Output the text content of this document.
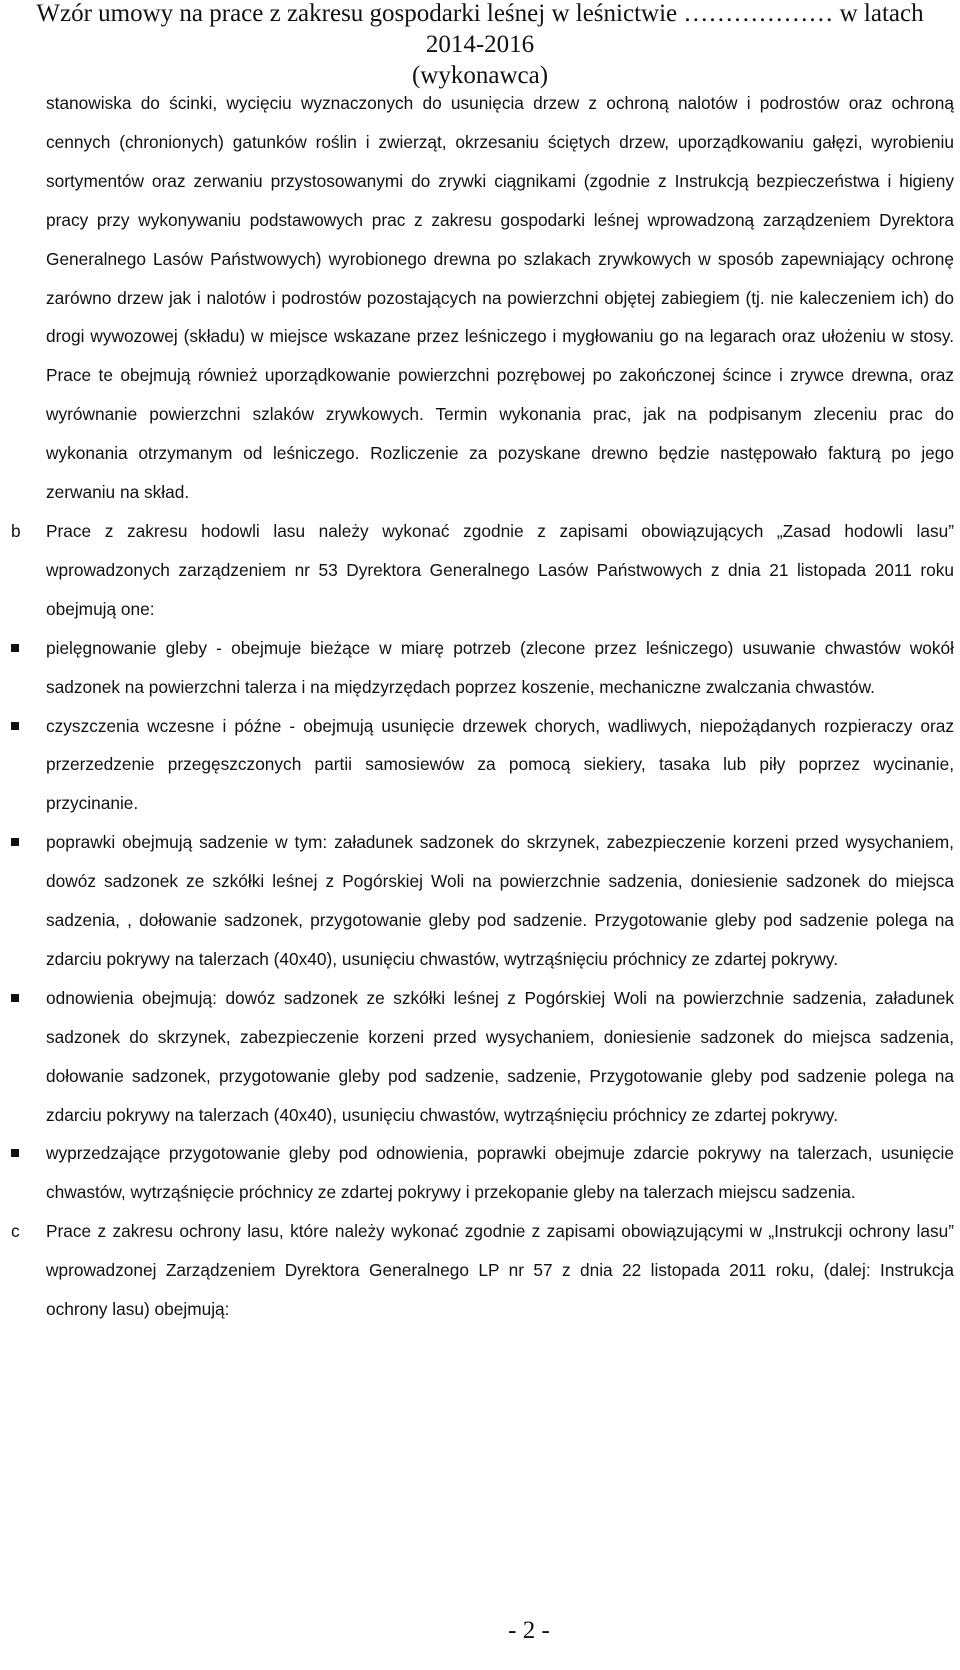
Wzór umowy na prace z zakresu gospodarki leśnej w leśnictwie ……………… w latach
2014-2016
(wykonawca)

stanowiska do ścinki, wycięciu wyznaczonych do usunięcia drzew z ochroną nalotów i podrostów oraz ochroną cennych (chronionych) gatunków roślin i zwierząt, okrzesaniu ściętych drzew, uporządkowaniu gałęzi, wyrobieniu sortymentów oraz zerwaniu przystosowanymi do zrywki ciągnikami (zgodnie z Instrukcją bezpieczeństwa i higieny pracy przy wykonywaniu podstawowych prac z zakresu gospodarki leśnej wprowadzoną zarządzeniem Dyrektora Generalnego Lasów Państwowych) wyrobionego drewna po szlakach zrywkowych w sposób zapewniający ochronę zarówno drzew jak i nalotów i podrostów pozostających na powierzchni objętej zabiegiem (tj. nie kaleczeniem ich) do drogi wywozowej (składu) w miejsce wskazane przez leśniczego i mygłowaniu go na legarach oraz ułożeniu w stosy. Prace te obejmują również uporządkowanie powierzchni pozrębowej po zakończonej ścince i zrywce drewna, oraz wyrównanie powierzchni szlaków zrywkowych. Termin wykonania prac, jak na podpisanym zleceniu prac do wykonania otrzymanym od leśniczego. Rozliczenie za pozyskane drewno będzie następowało fakturą po jego zerwaniu na skład.

b	Prace z zakresu hodowli lasu należy wykonać zgodnie z zapisami obowiązujących „Zasad hodowli lasu” wprowadzonych zarządzeniem nr 53 Dyrektora Generalnego Lasów Państwowych z dnia 21 listopada 2011 roku obejmują one:

pielęgnowanie gleby - obejmuje bieżące w miarę potrzeb (zlecone przez leśniczego) usuwanie chwastów wokół sadzonek na powierzchni talerza i na międzyrzędach poprzez koszenie, mechaniczne zwalczania chwastów.

czyszczenia wczesne i późne - obejmują usunięcie drzewek chorych, wadliwych, niepożądanych rozpieraczy oraz przerzedzenie przegęszczonych partii samosiewów za pomocą siekiery, tasaka lub piły poprzez wycinanie, przycinanie.

poprawki obejmują sadzenie w tym: załadunek sadzonek do skrzynek, zabezpieczenie korzeni przed wysychaniem, dowóz sadzonek ze szkółki leśnej z Pogórskiej Woli na powierzchnie sadzenia, doniesienie sadzonek do miejsca sadzenia, , dołowanie sadzonek, przygotowanie gleby pod sadzenie. Przygotowanie gleby pod sadzenie polega na zdarciu pokrywy na talerzach (40x40), usunięciu chwastów, wytrząśnięciu próchnicy ze zdartej pokrywy.

odnowienia obejmują: dowóz sadzonek ze szkółki leśnej z Pogórskiej Woli na powierzchnie sadzenia, załadunek sadzonek do skrzynek, zabezpieczenie korzeni przed wysychaniem, doniesienie sadzonek do miejsca sadzenia, dołowanie sadzonek, przygotowanie gleby pod sadzenie, sadzenie, Przygotowanie gleby pod sadzenie polega na zdarciu pokrywy na talerzach (40x40), usunięciu chwastów, wytrząśnięciu próchnicy ze zdartej pokrywy.

wyprzedzające przygotowanie gleby pod odnowienia, poprawki obejmuje zdarcie pokrywy na talerzach, usunięcie chwastów, wytrząśnięcie próchnicy ze zdartej pokrywy i przekopanie gleby na talerzach miejscu sadzenia.

c	Prace z zakresu ochrony lasu, które należy wykonać zgodnie z zapisami obowiązującymi w „Instrukcji ochrony lasu” wprowadzonej Zarządzeniem Dyrektora Generalnego LP nr 57 z dnia 22 listopada 2011 roku, (dalej: Instrukcja ochrony lasu) obejmują:

- 2 -
